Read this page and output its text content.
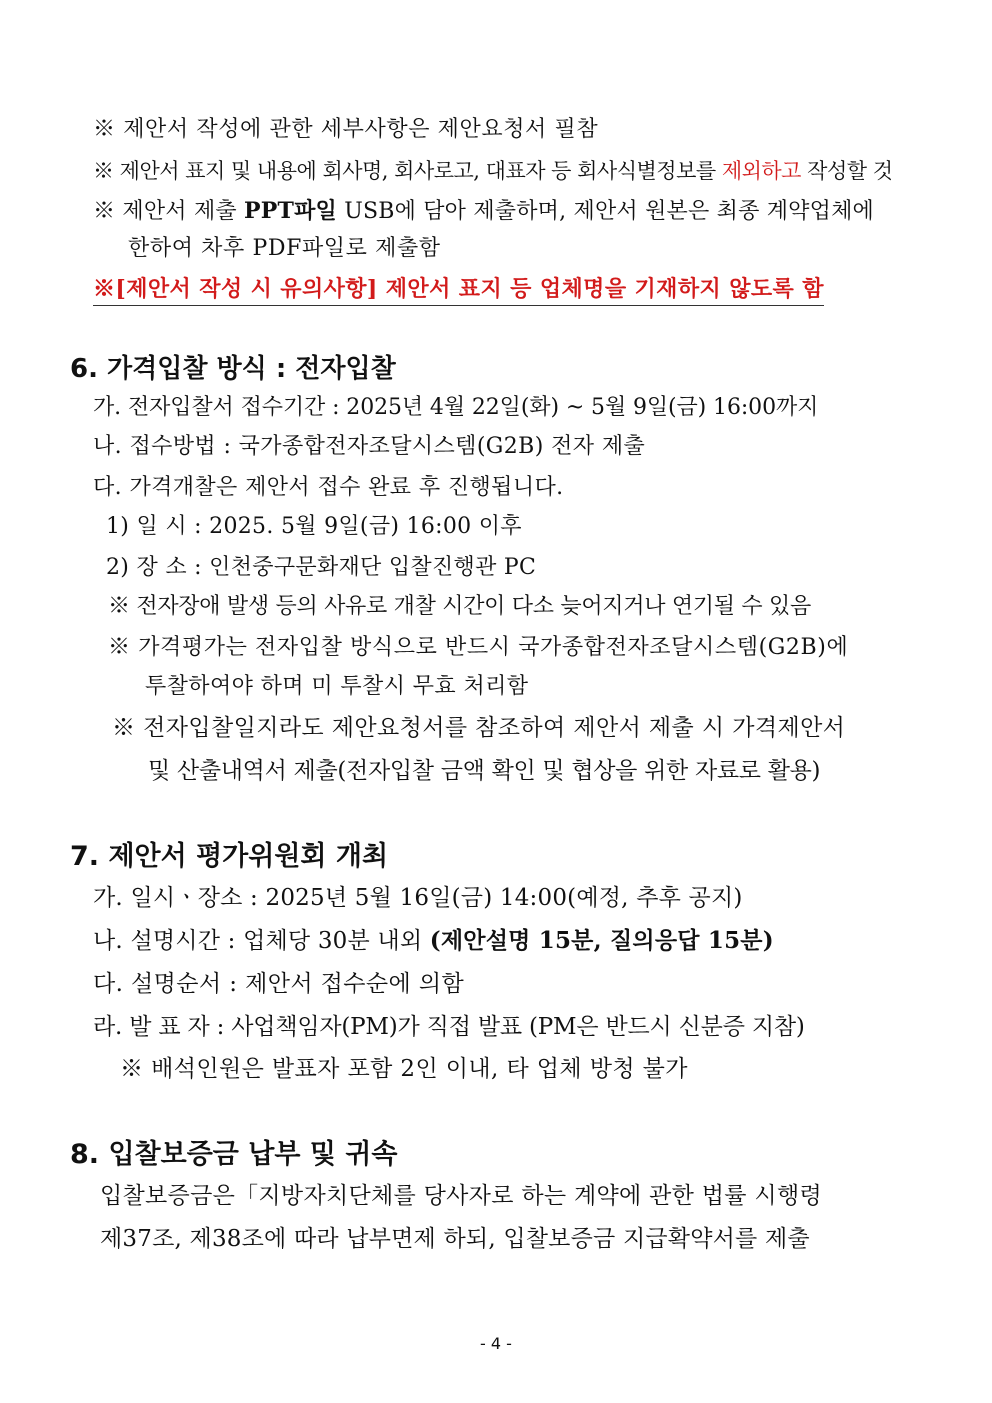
※ 제안서 작성에 관한 세부사항은 제안요청서 필참
※ 제안서 표지 및 내용에 회사명, 회사로고, 대표자 등 회사식별정보를 제외하고 작성할 것
※ 제안서 제출 PPT파일 USB에 담아 제출하며, 제안서 원본은 최종 계약업체에
한하여 차후 PDF파일로 제출함
※[제안서 작성 시 유의사항] 제안서 표지 등 업체명을 기재하지 않도록 함
6. 가격입찰 방식 : 전자입찰
가. 전자입찰서 접수기간 : 2025년 4월 22일(화) ~ 5월 9일(금) 16:00까지
나. 접수방법 : 국가종합전자조달시스템(G2B) 전자 제출
다. 가격개찰은 제안서 접수 완료 후 진행됩니다.
1) 일 시 : 2025. 5월 9일(금) 16:00 이후
2) 장 소 : 인천중구문화재단 입찰진행관 PC
※ 전자장애 발생 등의 사유로 개찰 시간이 다소 늦어지거나 연기될 수 있음
※ 가격평가는 전자입찰 방식으로 반드시 국가종합전자조달시스템(G2B)에
투찰하여야 하며 미 투찰시 무효 처리함
※ 전자입찰일지라도 제안요청서를 참조하여 제안서 제출 시 가격제안서
및 산출내역서 제출(전자입찰 금액 확인 및 협상을 위한 자료로 활용)
7. 제안서 평가위원회 개최
가. 일시ㆍ장소 : 2025년 5월 16일(금) 14:00(예정, 추후 공지)
나. 설명시간 : 업체당 30분 내외 (제안설명 15분, 질의응답 15분)
다. 설명순서 : 제안서 접수순에 의함
라. 발 표 자 : 사업책임자(PM)가 직접 발표 (PM은 반드시 신분증 지참)
※ 배석인원은 발표자 포함 2인 이내, 타 업체 방청 불가
8. 입찰보증금 납부 및 귀속
입찰보증금은「지방자치단체를 당사자로 하는 계약에 관한 법률 시행령
제37조, 제38조에 따라 납부면제 하되, 입찰보증금 지급확약서를 제출
- 4 -
